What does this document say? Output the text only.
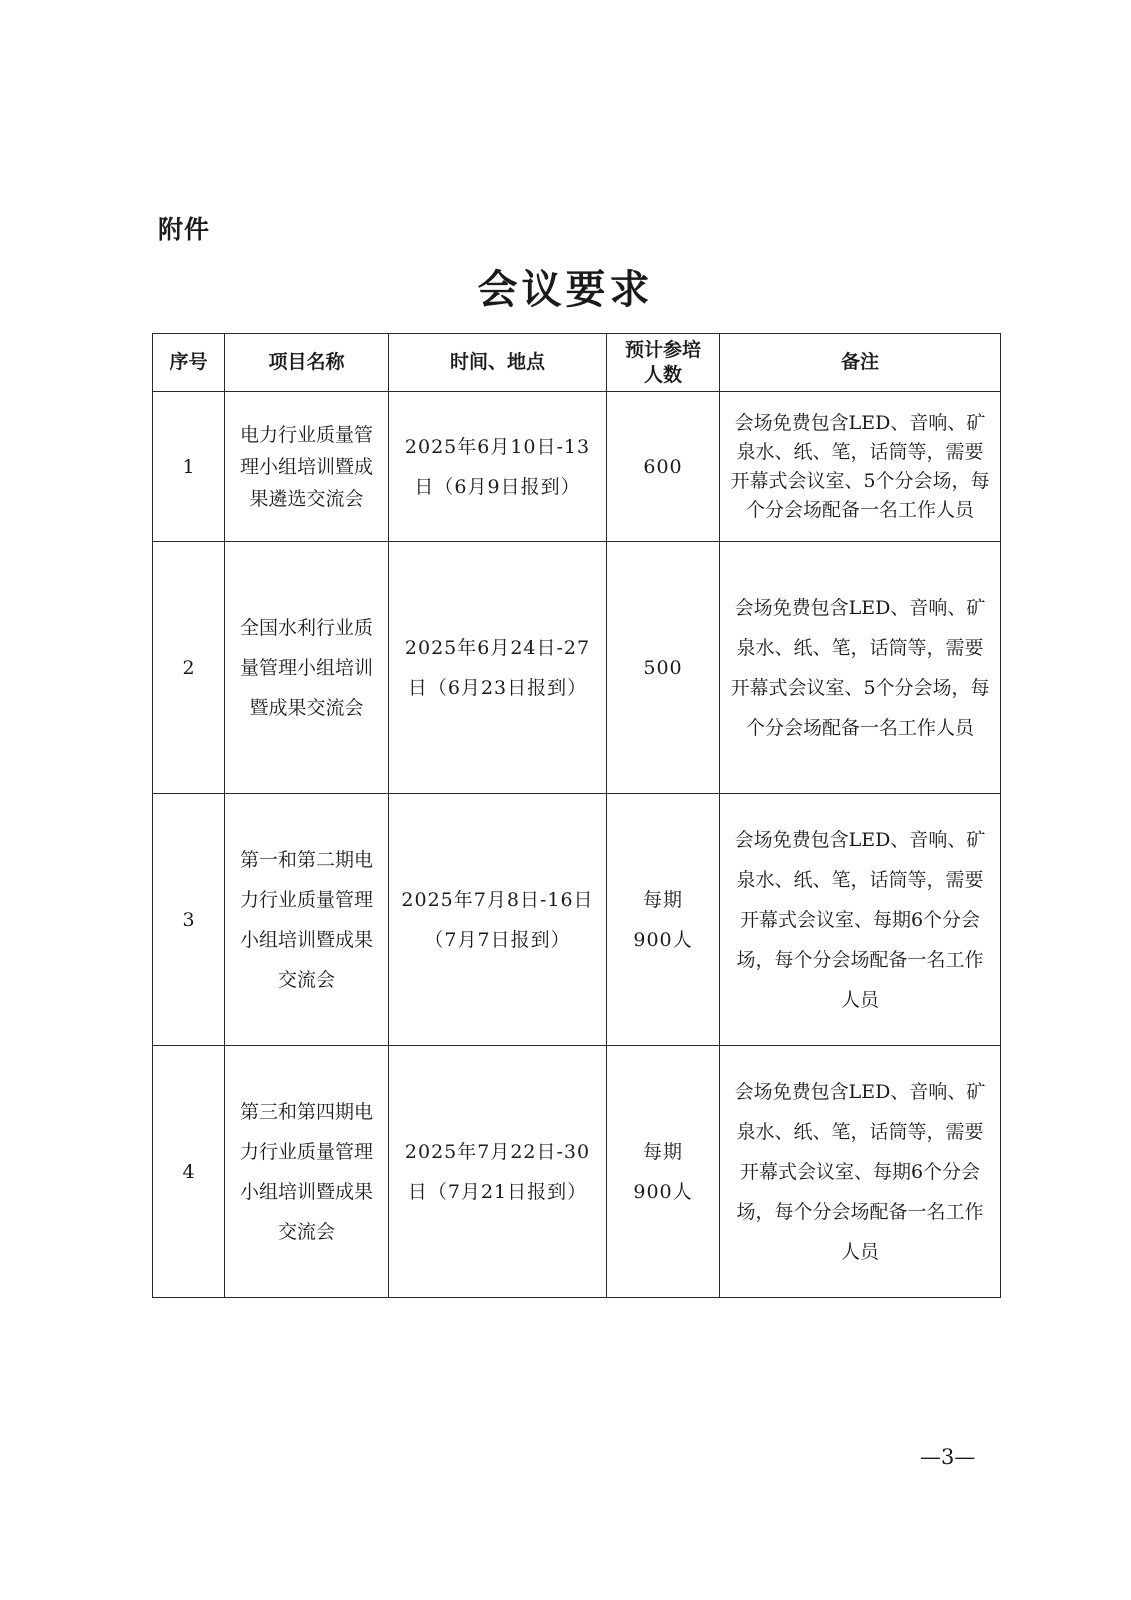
附件
会议要求
序号	项目名称	时间、地点	预计参培人数	备注
1	电力行业质量管理小组培训暨成果遴选交流会	2025年6月10日-13日（6月9日报到）	600	会场免费包含LED、音响、矿泉水、纸、笔，话筒等，需要开幕式会议室、5个分会场，每个分会场配备一名工作人员
2	全国水利行业质量管理小组培训暨成果交流会	2025年6月24日-27日（6月23日报到）	500	会场免费包含LED、音响、矿泉水、纸、笔，话筒等，需要开幕式会议室、5个分会场，每个分会场配备一名工作人员
3	第一和第二期电力行业质量管理小组培训暨成果交流会	2025年7月8日-16日（7月7日报到）	每期900人	会场免费包含LED、音响、矿泉水、纸、笔，话筒等，需要开幕式会议室、每期6个分会场，每个分会场配备一名工作人员
4	第三和第四期电力行业质量管理小组培训暨成果交流会	2025年7月22日-30日（7月21日报到）	每期900人	会场免费包含LED、音响、矿泉水、纸、笔，话筒等，需要开幕式会议室、每期6个分会场，每个分会场配备一名工作人员
—3—
